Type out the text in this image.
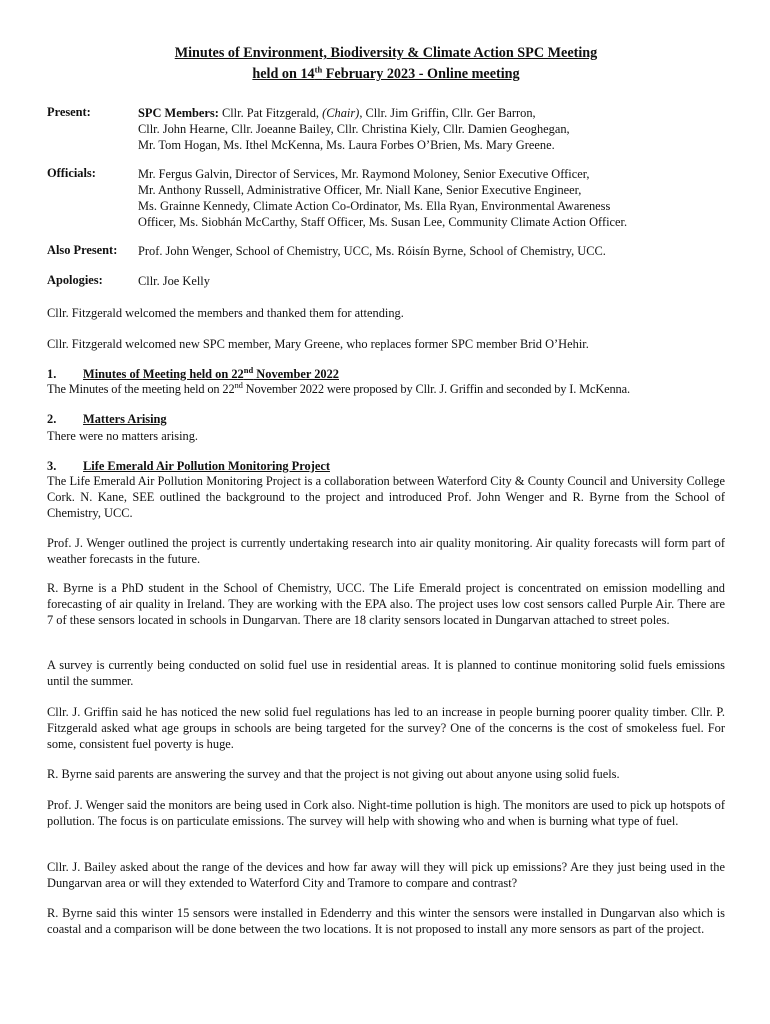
Minutes of Environment, Biodiversity & Climate Action SPC Meeting
held on 14th February 2023 - Online meeting
Present:	SPC Members: Cllr. Pat Fitzgerald, (Chair), Cllr. Jim Griffin, Cllr. Ger Barron,
Cllr. John Hearne, Cllr. Joeanne Bailey, Cllr. Christina Kiely, Cllr. Damien Geoghegan,
Mr. Tom Hogan, Ms. Ithel McKenna, Ms. Laura Forbes O’Brien, Ms. Mary Greene.
Officials:	Mr. Fergus Galvin, Director of Services, Mr. Raymond Moloney, Senior Executive Officer,
Mr. Anthony Russell, Administrative Officer, Mr. Niall Kane, Senior Executive Engineer,
Ms. Grainne Kennedy, Climate Action Co-Ordinator, Ms. Ella Ryan, Environmental Awareness
Officer, Ms. Siobhán McCarthy, Staff Officer, Ms. Susan Lee, Community Climate Action Officer.
Also Present: Prof. John Wenger, School of Chemistry, UCC, Ms. Róisín Byrne, School of Chemistry, UCC.
Apologies:	Cllr. Joe Kelly
Cllr. Fitzgerald welcomed the members and thanked them for attending.
Cllr. Fitzgerald welcomed new SPC member, Mary Greene, who replaces former SPC member Brid O’Hehir.
1. Minutes of Meeting held on 22nd November 2022
The Minutes of the meeting held on 22nd November 2022 were proposed by Cllr. J. Griffin and seconded by I. McKenna.
2. Matters Arising
There were no matters arising.
3. Life Emerald Air Pollution Monitoring Project
The Life Emerald Air Pollution Monitoring Project is a collaboration between Waterford City & County Council and University College Cork. N. Kane, SEE outlined the background to the project and introduced Prof. John Wenger and R. Byrne from the School of Chemistry, UCC.
Prof. J. Wenger outlined the project is currently undertaking research into air quality monitoring. Air quality forecasts will form part of weather forecasts in the future.
R. Byrne is a PhD student in the School of Chemistry, UCC. The Life Emerald project is concentrated on emission modelling and forecasting of air quality in Ireland. They are working with the EPA also. The project uses low cost sensors called Purple Air. There are 7 of these sensors located in schools in Dungarvan. There are 18 clarity sensors located in Dungarvan attached to street poles.
A survey is currently being conducted on solid fuel use in residential areas. It is planned to continue monitoring solid fuels emissions until the summer.
Cllr. J. Griffin said he has noticed the new solid fuel regulations has led to an increase in people burning poorer quality timber. Cllr. P. Fitzgerald asked what age groups in schools are being targeted for the survey? One of the concerns is the cost of smokeless fuel. For some, consistent fuel poverty is huge.
R. Byrne said parents are answering the survey and that the project is not giving out about anyone using solid fuels.
Prof. J. Wenger said the monitors are being used in Cork also. Night-time pollution is high. The monitors are used to pick up hotspots of pollution. The focus is on particulate emissions. The survey will help with showing who and when is burning what type of fuel.
Cllr. J. Bailey asked about the range of the devices and how far away will they will pick up emissions? Are they just being used in the Dungarvan area or will they extended to Waterford City and Tramore to compare and contrast?
R. Byrne said this winter 15 sensors were installed in Edenderry and this winter the sensors were installed in Dungarvan also which is coastal and a comparison will be done between the two locations. It is not proposed to install any more sensors as part of the project.
